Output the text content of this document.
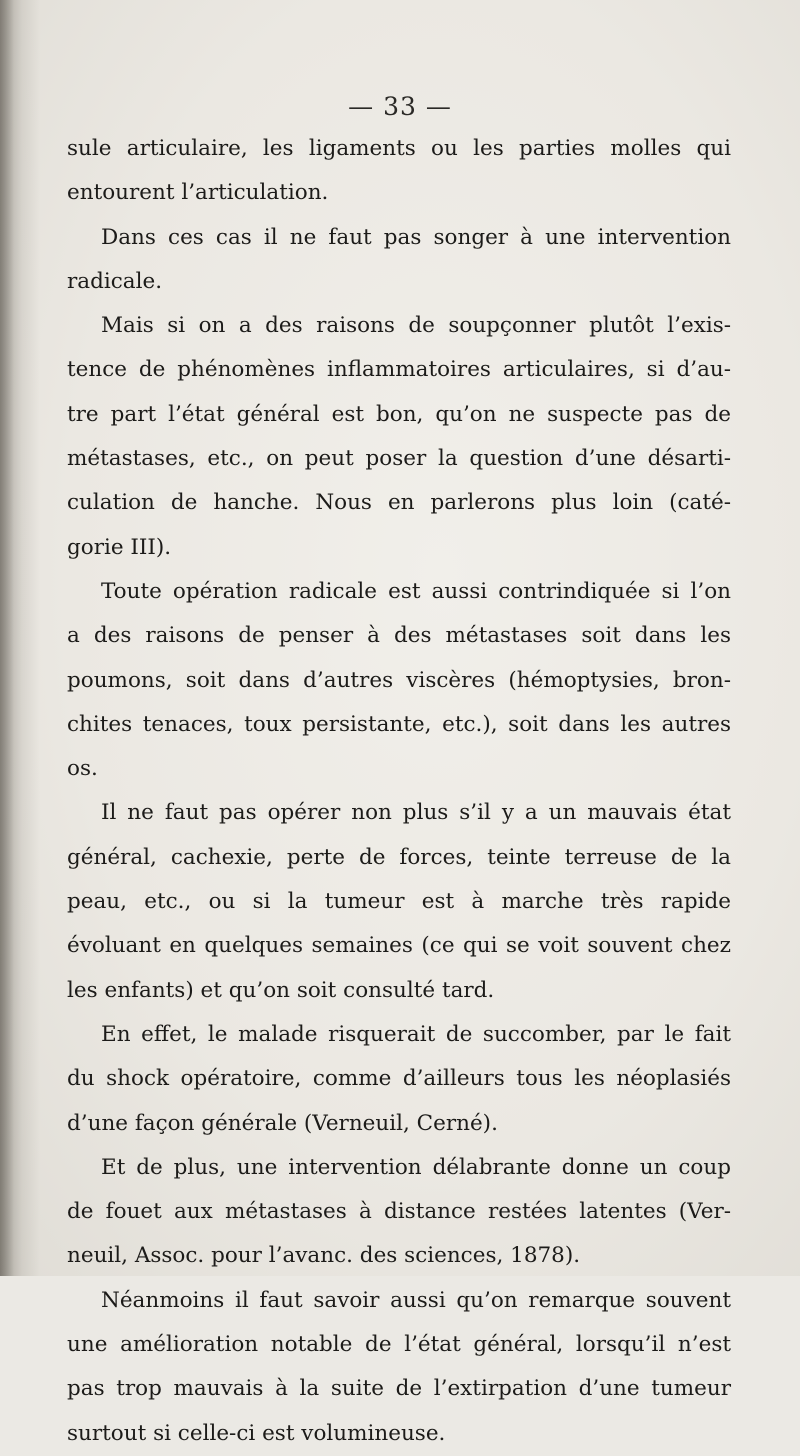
— 33 —
sule articulaire, les ligaments ou les parties molles qui
entourent l’articulation.
Dans ces cas il ne faut pas songer à une intervention
radicale.
Mais si on a des raisons de soupçonner plutôt l’exis-
tence de phénomènes inflammatoires articulaires, si d’au-
tre part l’état général est bon, qu’on ne suspecte pas de
métastases, etc., on peut poser la question d’une désarti-
culation de hanche. Nous en parlerons plus loin (caté-
gorie III).
Toute opération radicale est aussi contrindiquée si l’on
a des raisons de penser à des métastases soit dans les
poumons, soit dans d’autres viscères (hémoptysies, bron-
chites tenaces, toux persistante, etc.), soit dans les autres
os.
Il ne faut pas opérer non plus s’il y a un mauvais état
général, cachexie, perte de forces, teinte terreuse de la
peau, etc., ou si la tumeur est à marche très rapide
évoluant en quelques semaines (ce qui se voit souvent chez
les enfants) et qu’on soit consulté tard.
En effet, le malade risquerait de succomber, par le fait
du shock opératoire, comme d’ailleurs tous les néoplasiés
d’une façon générale (Verneuil, Cerné).
Et de plus, une intervention délabrante donne un coup
de fouet aux métastases à distance restées latentes (Ver-
neuil, Assoc. pour l’avanc. des sciences, 1878).
Néanmoins il faut savoir aussi qu’on remarque souvent
une amélioration notable de l’état général, lorsqu’il n’est
pas trop mauvais à la suite de l’extirpation d’une tumeur
surtout si celle-ci est volumineuse.
